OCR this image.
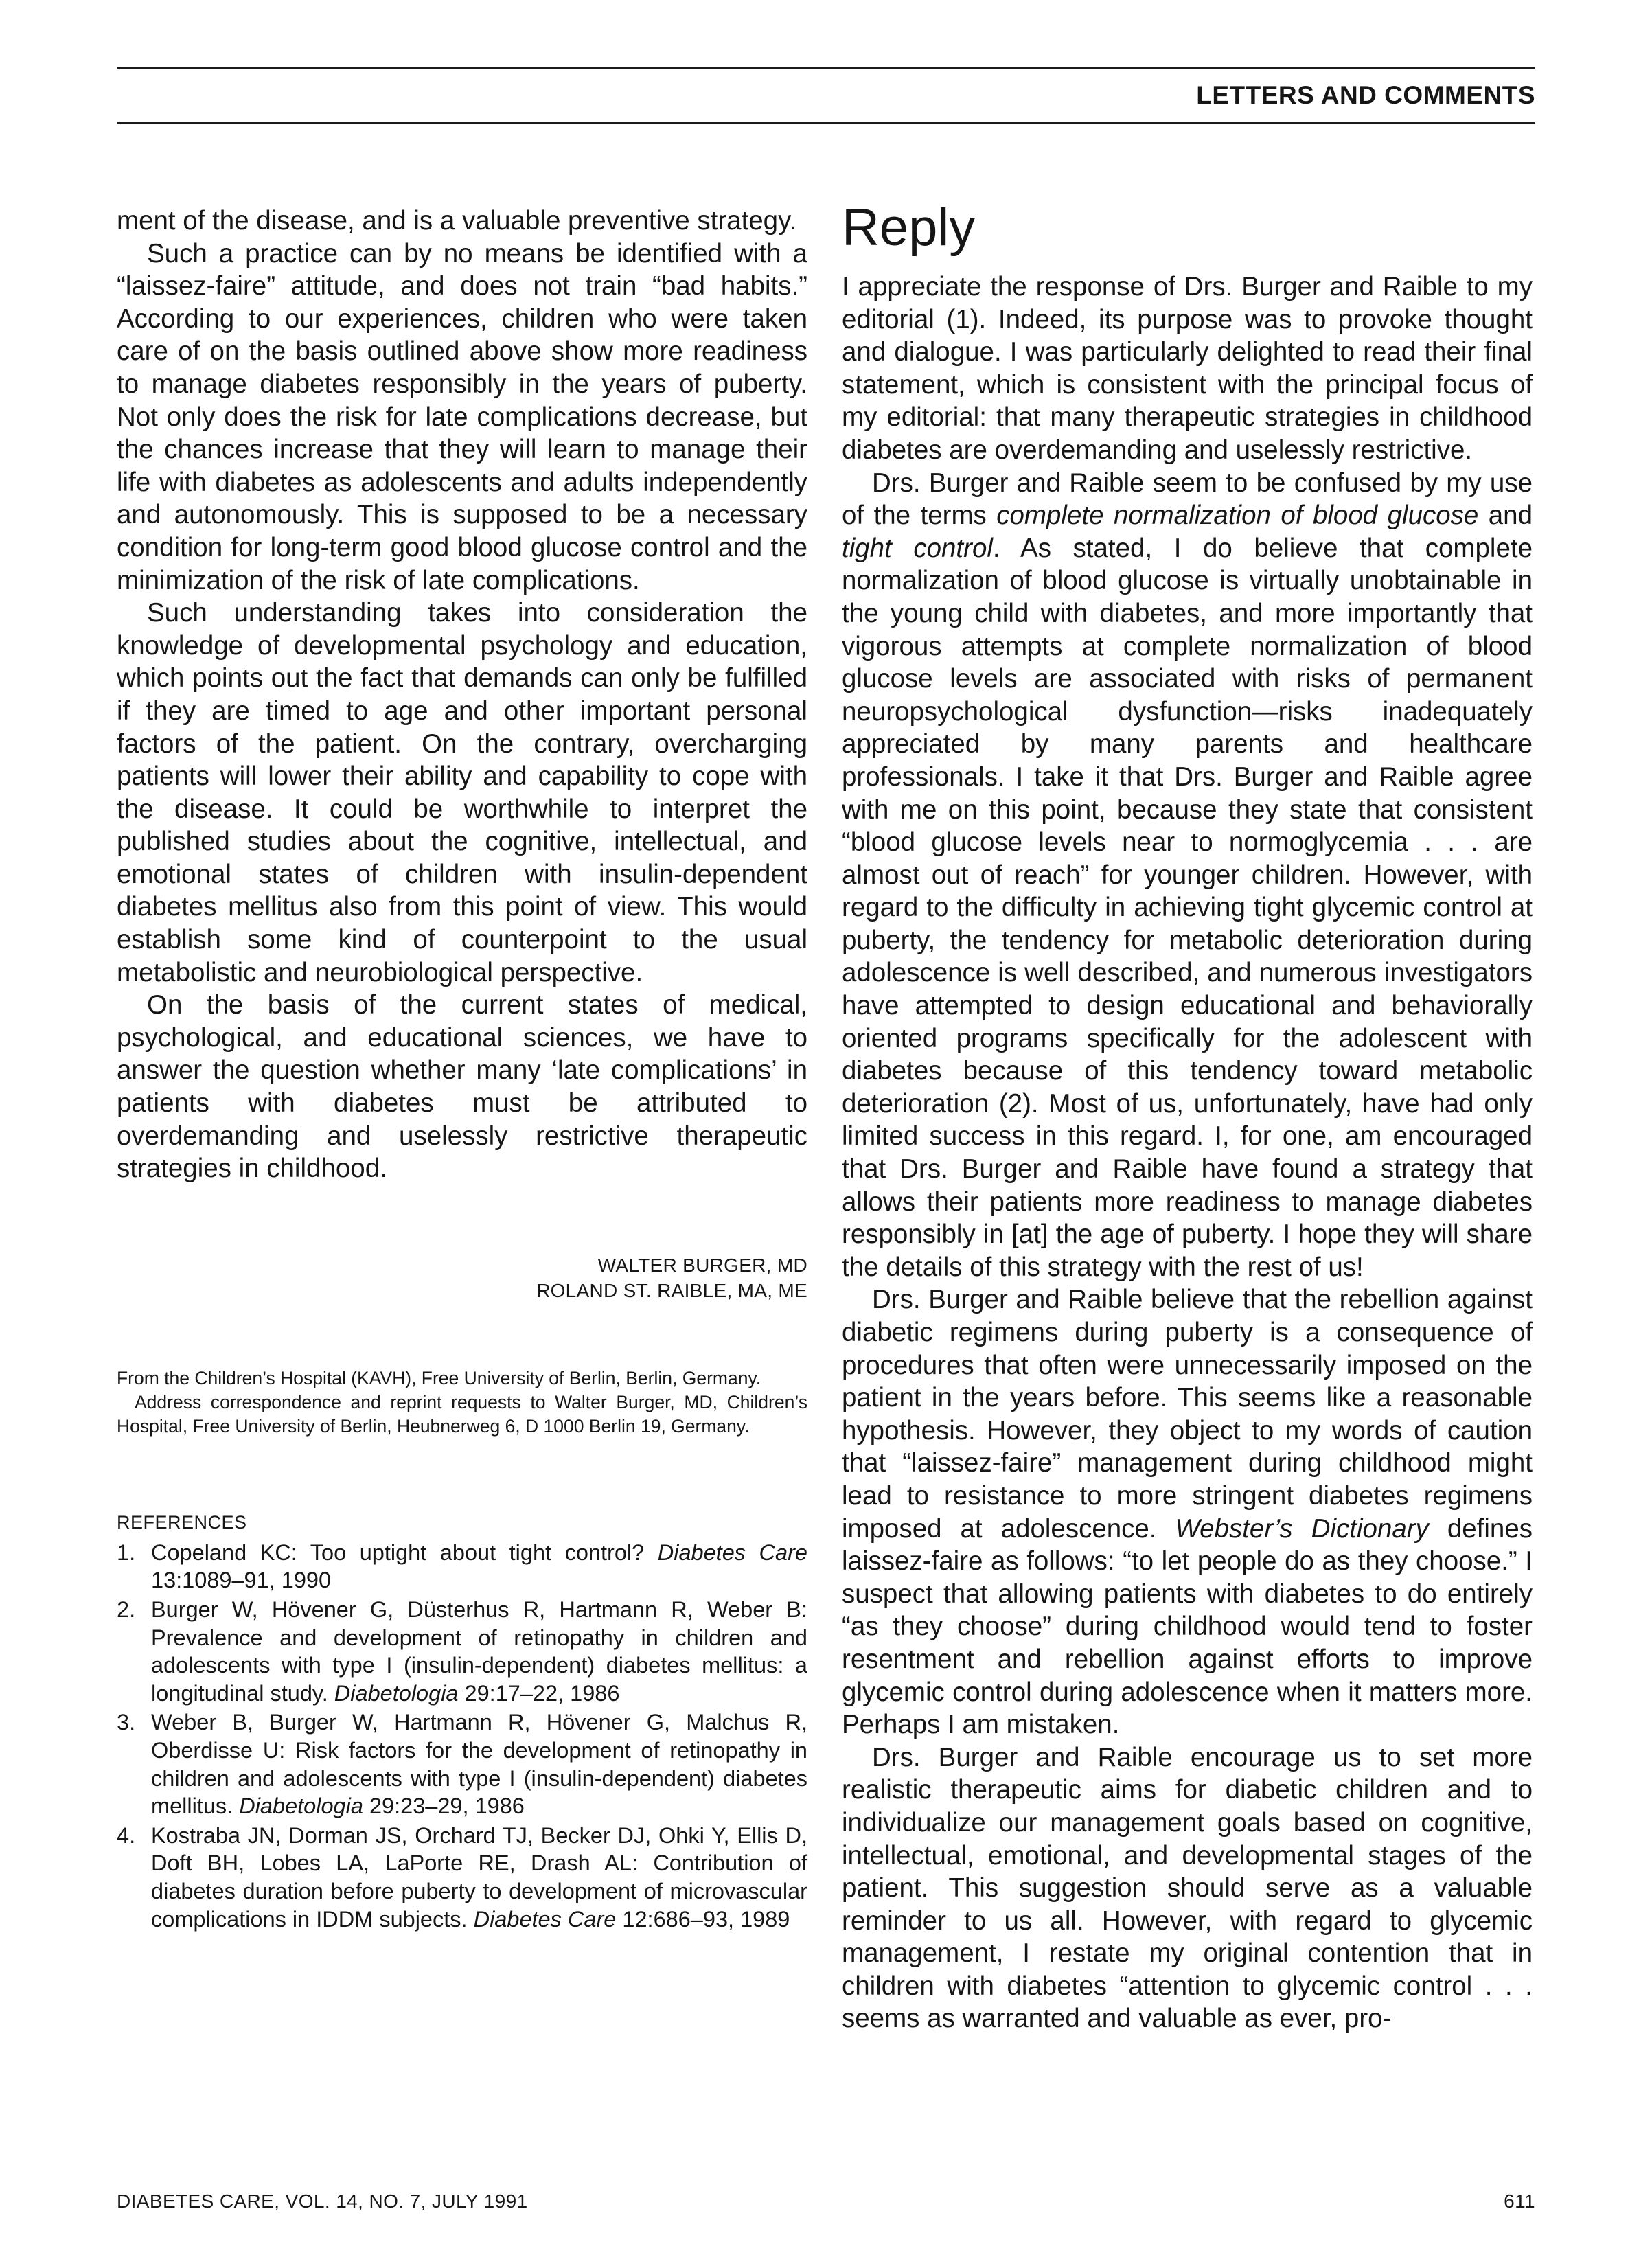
LETTERS AND COMMENTS

ment of the disease, and is a valuable preventive strategy.

Such a practice can by no means be identified with a “laissez-faire” attitude, and does not train “bad habits.” According to our experiences, children who were taken care of on the basis outlined above show more readiness to manage diabetes responsibly in the years of puberty. Not only does the risk for late complications decrease, but the chances increase that they will learn to manage their life with diabetes as adolescents and adults independently and autonomously. This is supposed to be a necessary condition for long-term good blood glucose control and the minimization of the risk of late complications.

Such understanding takes into consideration the knowledge of developmental psychology and education, which points out the fact that demands can only be fulfilled if they are timed to age and other important personal factors of the patient. On the contrary, overcharging patients will lower their ability and capability to cope with the disease. It could be worthwhile to interpret the published studies about the cognitive, intellectual, and emotional states of children with insulin-dependent diabetes mellitus also from this point of view. This would establish some kind of counterpoint to the usual metabolistic and neurobiological perspective.

On the basis of the current states of medical, psychological, and educational sciences, we have to answer the question whether many ‘late complications’ in patients with diabetes must be attributed to overdemanding and uselessly restrictive therapeutic strategies in childhood.

WALTER BURGER, MD
ROLAND ST. RAIBLE, MA, ME

From the Children’s Hospital (KAVH), Free University of Berlin, Berlin, Germany.

Address correspondence and reprint requests to Walter Burger, MD, Children’s Hospital, Free University of Berlin, Heubnerweg 6, D 1000 Berlin 19, Germany.

REFERENCES
1. Copeland KC: Too uptight about tight control? Diabetes Care 13:1089–91, 1990
2. Burger W, Hövener G, Düsterhus R, Hartmann R, Weber B: Prevalence and development of retinopathy in children and adolescents with type I (insulin-dependent) diabetes mellitus: a longitudinal study. Diabetologia 29:17–22, 1986
3. Weber B, Burger W, Hartmann R, Hövener G, Malchus R, Oberdisse U: Risk factors for the development of retinopathy in children and adolescents with type I (insulin-dependent) diabetes mellitus. Diabetologia 29:23–29, 1986
4. Kostraba JN, Dorman JS, Orchard TJ, Becker DJ, Ohki Y, Ellis D, Doft BH, Lobes LA, LaPorte RE, Drash AL: Contribution of diabetes duration before puberty to development of microvascular complications in IDDM subjects. Diabetes Care 12:686–93, 1989
Reply

I appreciate the response of Drs. Burger and Raible to my editorial (1). Indeed, its purpose was to provoke thought and dialogue. I was particularly delighted to read their final statement, which is consistent with the principal focus of my editorial: that many therapeutic strategies in childhood diabetes are overdemanding and uselessly restrictive.

Drs. Burger and Raible seem to be confused by my use of the terms complete normalization of blood glucose and tight control. As stated, I do believe that complete normalization of blood glucose is virtually unobtainable in the young child with diabetes, and more importantly that vigorous attempts at complete normalization of blood glucose levels are associated with risks of permanent neuropsychological dysfunction—risks inadequately appreciated by many parents and healthcare professionals. I take it that Drs. Burger and Raible agree with me on this point, because they state that consistent “blood glucose levels near to normoglycemia . . . are almost out of reach” for younger children. However, with regard to the difficulty in achieving tight glycemic control at puberty, the tendency for metabolic deterioration during adolescence is well described, and numerous investigators have attempted to design educational and behaviorally oriented programs specifically for the adolescent with diabetes because of this tendency toward metabolic deterioration (2). Most of us, unfortunately, have had only limited success in this regard. I, for one, am encouraged that Drs. Burger and Raible have found a strategy that allows their patients more readiness to manage diabetes responsibly in [at] the age of puberty. I hope they will share the details of this strategy with the rest of us!

Drs. Burger and Raible believe that the rebellion against diabetic regimens during puberty is a consequence of procedures that often were unnecessarily imposed on the patient in the years before. This seems like a reasonable hypothesis. However, they object to my words of caution that “laissez-faire” management during childhood might lead to resistance to more stringent diabetes regimens imposed at adolescence. Webster’s Dictionary defines laissez-faire as follows: “to let people do as they choose.” I suspect that allowing patients with diabetes to do entirely “as they choose” during childhood would tend to foster resentment and rebellion against efforts to improve glycemic control during adolescence when it matters more. Perhaps I am mistaken.

Drs. Burger and Raible encourage us to set more realistic therapeutic aims for diabetic children and to individualize our management goals based on cognitive, intellectual, emotional, and developmental stages of the patient. This suggestion should serve as a valuable reminder to us all. However, with regard to glycemic management, I restate my original contention that in children with diabetes “attention to glycemic control . . . seems as warranted and valuable as ever, pro-

DIABETES CARE, VOL. 14, NO. 7, JULY 1991	611
